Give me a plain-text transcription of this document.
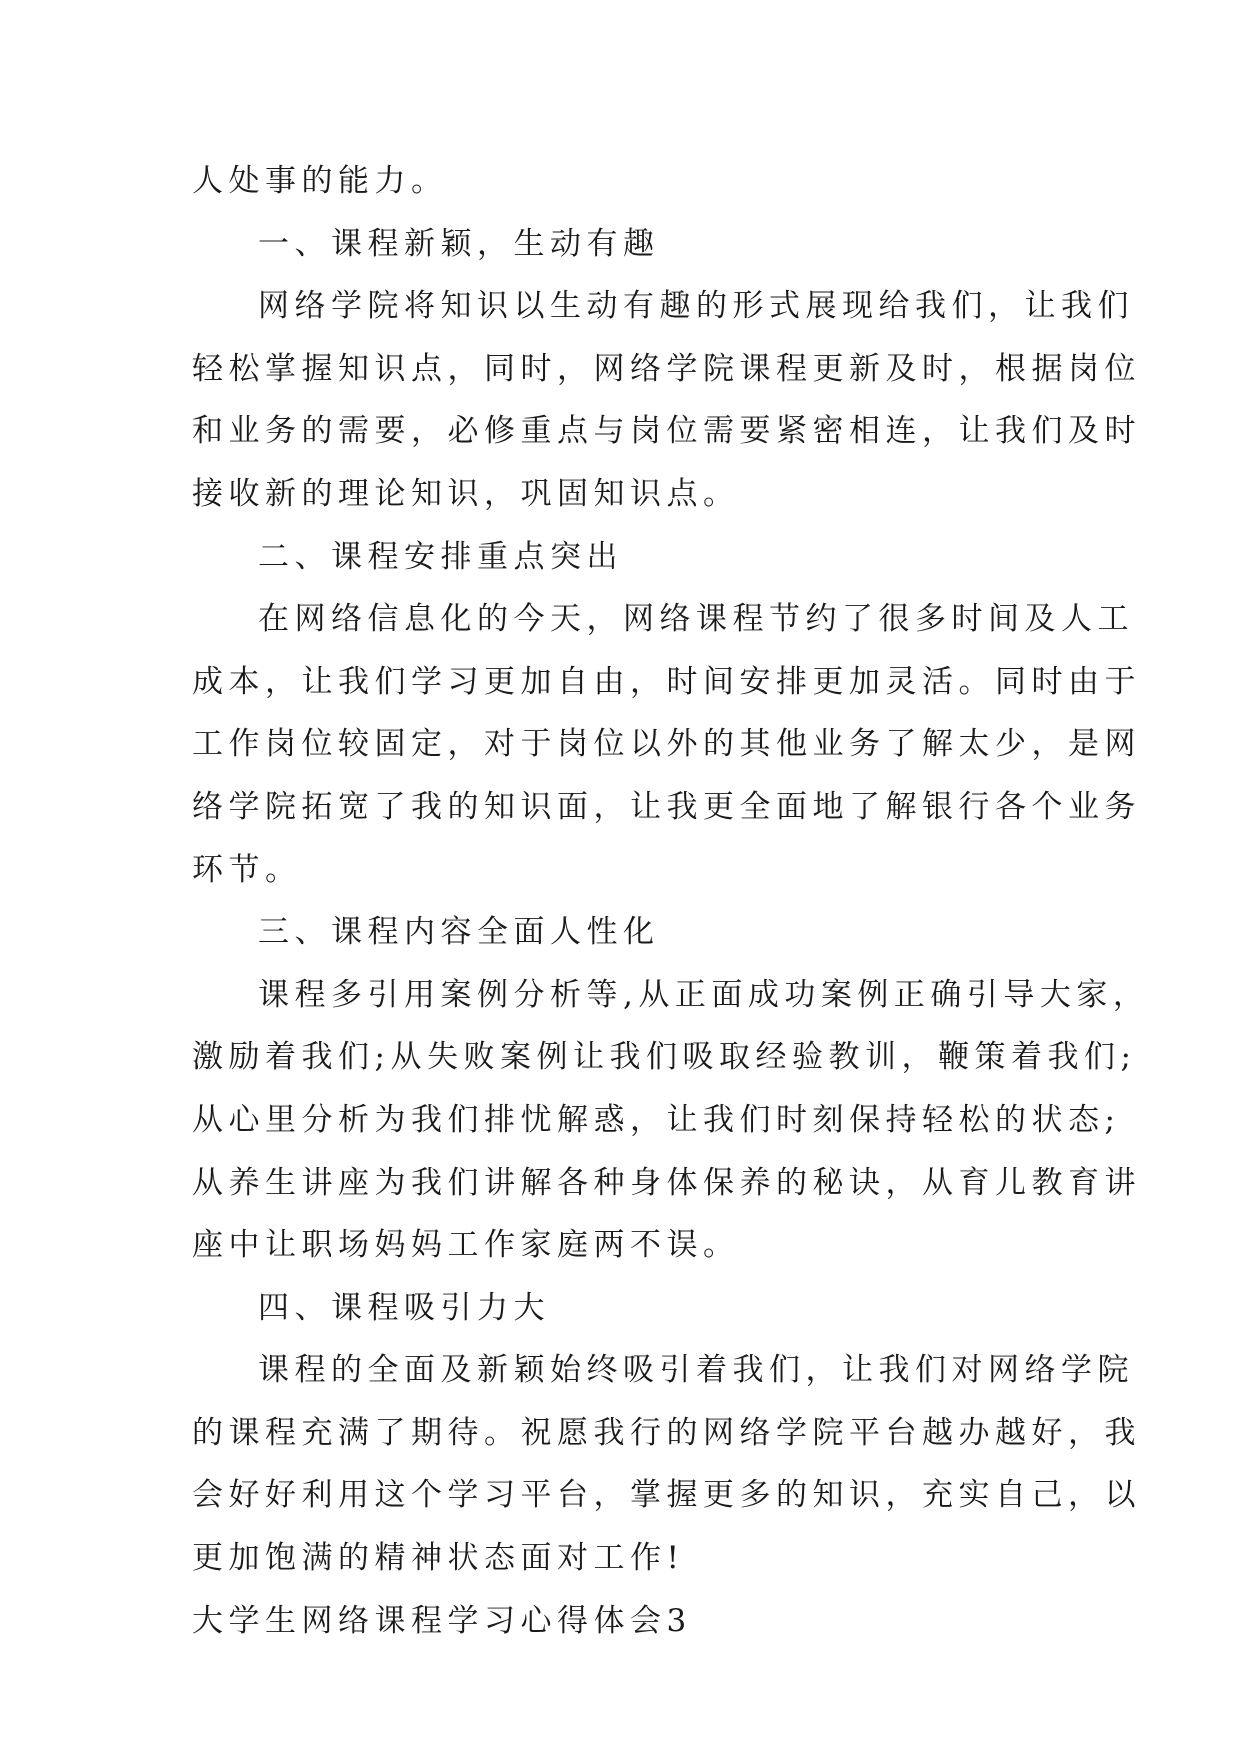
人处事的能力。
一、课程新颖，生动有趣
网络学院将知识以生动有趣的形式展现给我们，让我们
轻松掌握知识点，同时，网络学院课程更新及时，根据岗位
和业务的需要，必修重点与岗位需要紧密相连，让我们及时
接收新的理论知识，巩固知识点。
二、课程安排重点突出
在网络信息化的今天，网络课程节约了很多时间及人工
成本，让我们学习更加自由，时间安排更加灵活。同时由于
工作岗位较固定，对于岗位以外的其他业务了解太少，是网
络学院拓宽了我的知识面，让我更全面地了解银行各个业务
环节。
三、课程内容全面人性化
课程多引用案例分析等,从正面成功案例正确引导大家，
激励着我们;从失败案例让我们吸取经验教训，鞭策着我们;
从心里分析为我们排忧解惑，让我们时刻保持轻松的状态;
从养生讲座为我们讲解各种身体保养的秘诀，从育儿教育讲
座中让职场妈妈工作家庭两不误。
四、课程吸引力大
课程的全面及新颖始终吸引着我们，让我们对网络学院
的课程充满了期待。祝愿我行的网络学院平台越办越好，我
会好好利用这个学习平台，掌握更多的知识，充实自己，以
更加饱满的精神状态面对工作!
大学生网络课程学习心得体会3
